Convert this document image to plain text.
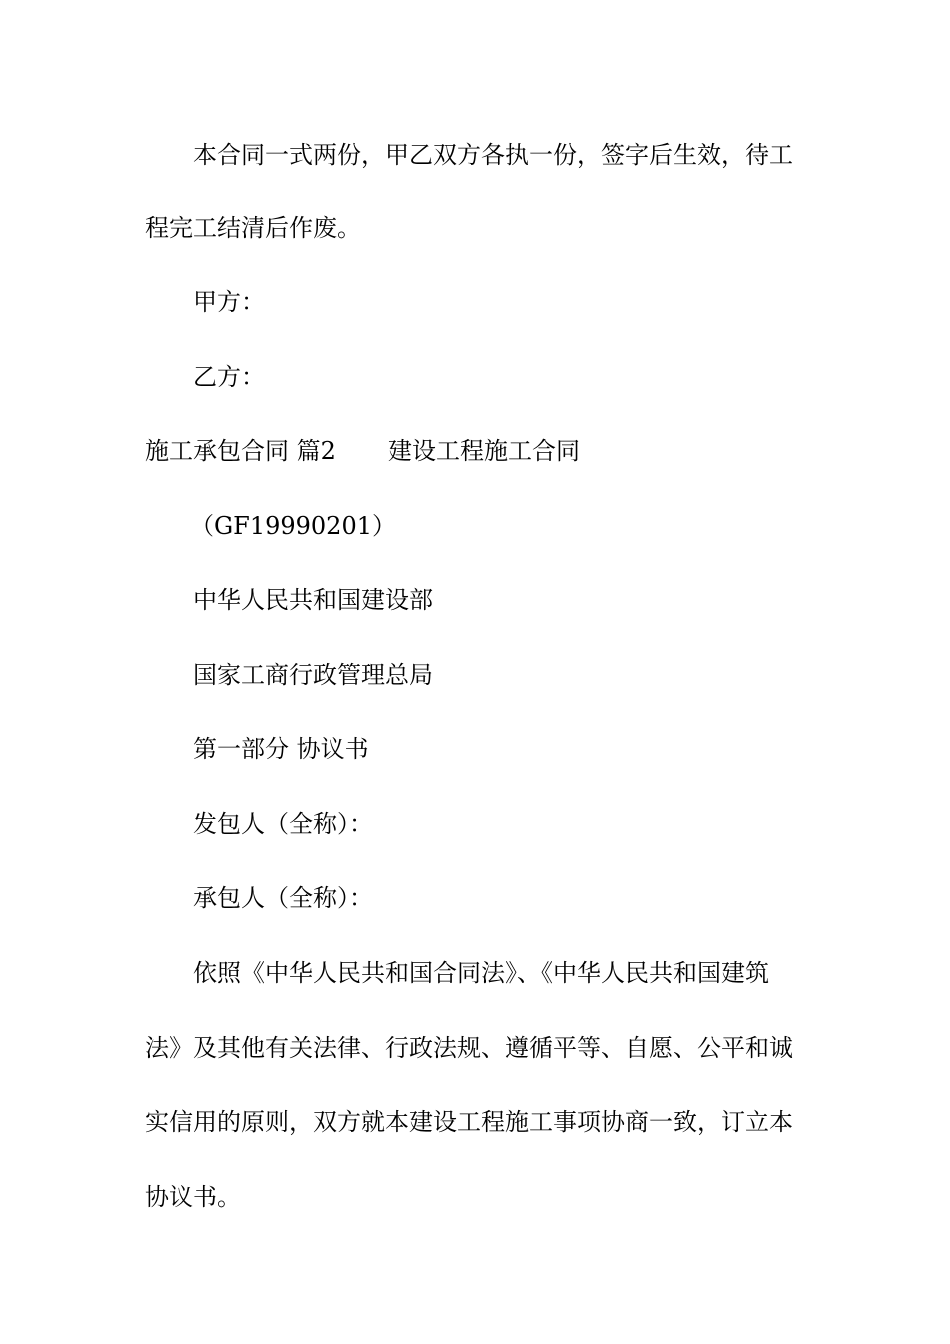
本合同一式两份，甲乙双方各执一份，签字后生效，待工
程完工结清后作废。
甲方：
乙方：
施工承包合同 篇2	建设工程施工合同
（GF19990201）
中华人民共和国建设部
国家工商行政管理总局
第一部分 协议书
发包人（全称）：
承包人（全称）：
依照《中华人民共和国合同法》、《中华人民共和国建筑
法》及其他有关法律、行政法规、遵循平等、自愿、公平和诚
实信用的原则，双方就本建设工程施工事项协商一致，订立本
协议书。
